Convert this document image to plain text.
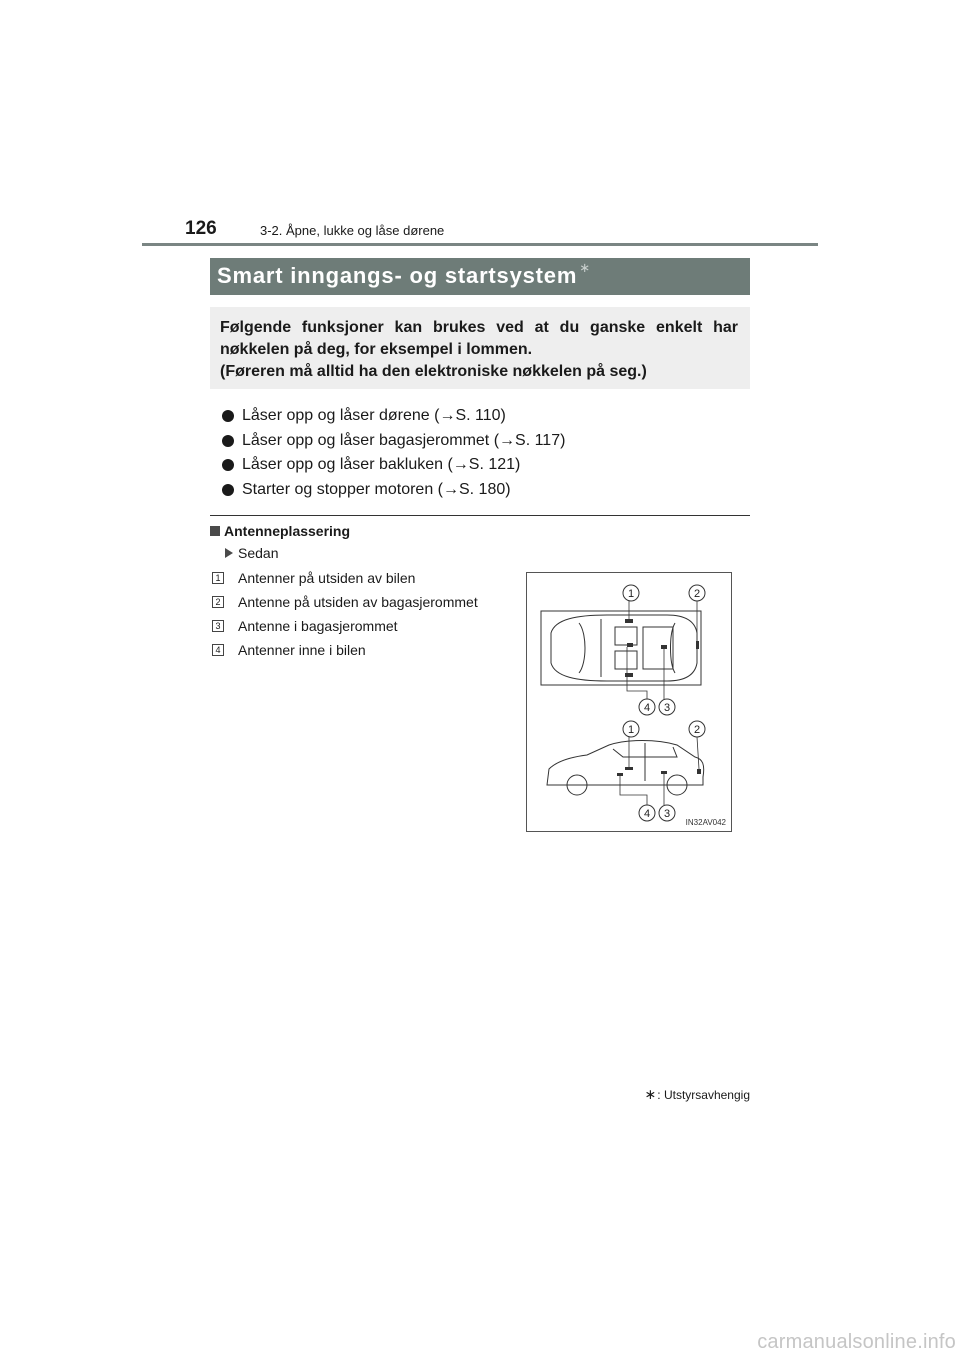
126	3-2. Åpne, lukke og låse dørene
Smart inngangs- og startsystem ∗

Følgende funksjoner kan brukes ved at du ganske enkelt har

nøkkelen på deg, for eksempel i lommen.

(Føreren må alltid ha den elektroniske nøkkelen på seg.)

Låser opp og låser dørene (→S. 110)
Låser opp og låser bagasjerommet (→S. 117)
Låser opp og låser bakluken (→S. 121)
Starter og stopper motoren (→S. 180)
Antenneplassering
Sedan
1 Antenner på utsiden av bilen
2 Antenne på utsiden av bagasjerommet
3 Antenne i bagasjerommet
4 Antenner inne i bilen
1	2
4 3
1	2
4 3
IN32AV042
∗ : Utstyrsavhengig
carmanualsonline.info
